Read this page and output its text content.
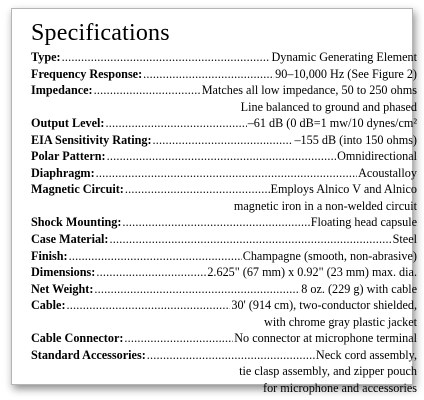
Specifications
Type: .....	Dynamic Generating Element
Frequency Response: .....	90–10,000 Hz (See Figure 2)
Impedance: .....	Matches all low impedance, 50 to 250 ohms
Line balanced to ground and phased
Output Level: .....	–61 dB (0 dB=1 mw/10 dynes/cm²
EIA Sensitivity Rating: .....	–155 dB (into 150 ohms)
Polar Pattern: .....	Omnidirectional
Diaphragm: .....	Acoustalloy
Magnetic Circuit: .....	Employs Alnico V and Alnico
magnetic iron in a non-welded circuit
Shock Mounting: .....	Floating head capsule
Case Material: .....	Steel
Finish: .....	Champagne (smooth, non-abrasive)
Dimensions: .....	2.625" (67 mm) x 0.92" (23 mm) max. dia.
Net Weight: .....	8 oz. (229 g) with cable
Cable: .....	30' (914 cm), two-conductor shielded,
with chrome gray plastic jacket
Cable Connector: .....	No connector at microphone terminal
Standard Accessories: .....	Neck cord assembly,
tie clasp assembly, and zipper pouch
for microphone and accessories
